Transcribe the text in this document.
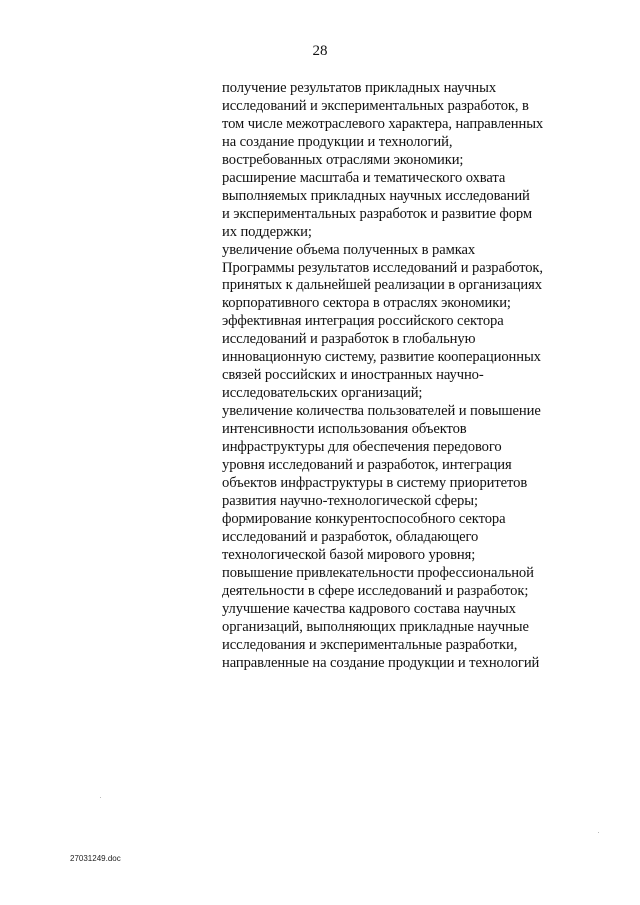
28
получение результатов прикладных научных
исследований и экспериментальных разработок, в
том числе межотраслевого характера, направленных
на создание продукции и технологий,
востребованных отраслями экономики;
расширение масштаба и тематического охвата
выполняемых прикладных научных исследований
и экспериментальных разработок и развитие форм
их поддержки;
увеличение объема полученных в рамках
Программы результатов исследований и разработок,
принятых к дальнейшей реализации в организациях
корпоративного сектора в отраслях экономики;
эффективная интеграция российского сектора
исследований и разработок в глобальную
инновационную систему, развитие кооперационных
связей российских и иностранных научно-
исследовательских организаций;
увеличение количества пользователей и повышение
интенсивности использования объектов
инфраструктуры для обеспечения передового
уровня исследований и разработок, интеграция
объектов инфраструктуры в систему приоритетов
развития научно-технологической сферы;
формирование конкурентоспособного сектора
исследований и разработок, обладающего
технологической базой мирового уровня;
повышение привлекательности профессиональной
деятельности в сфере исследований и разработок;
улучшение качества кадрового состава научных
организаций, выполняющих прикладные научные
исследования и экспериментальные разработки,
направленные на создание продукции и технологий
27031249.doc
